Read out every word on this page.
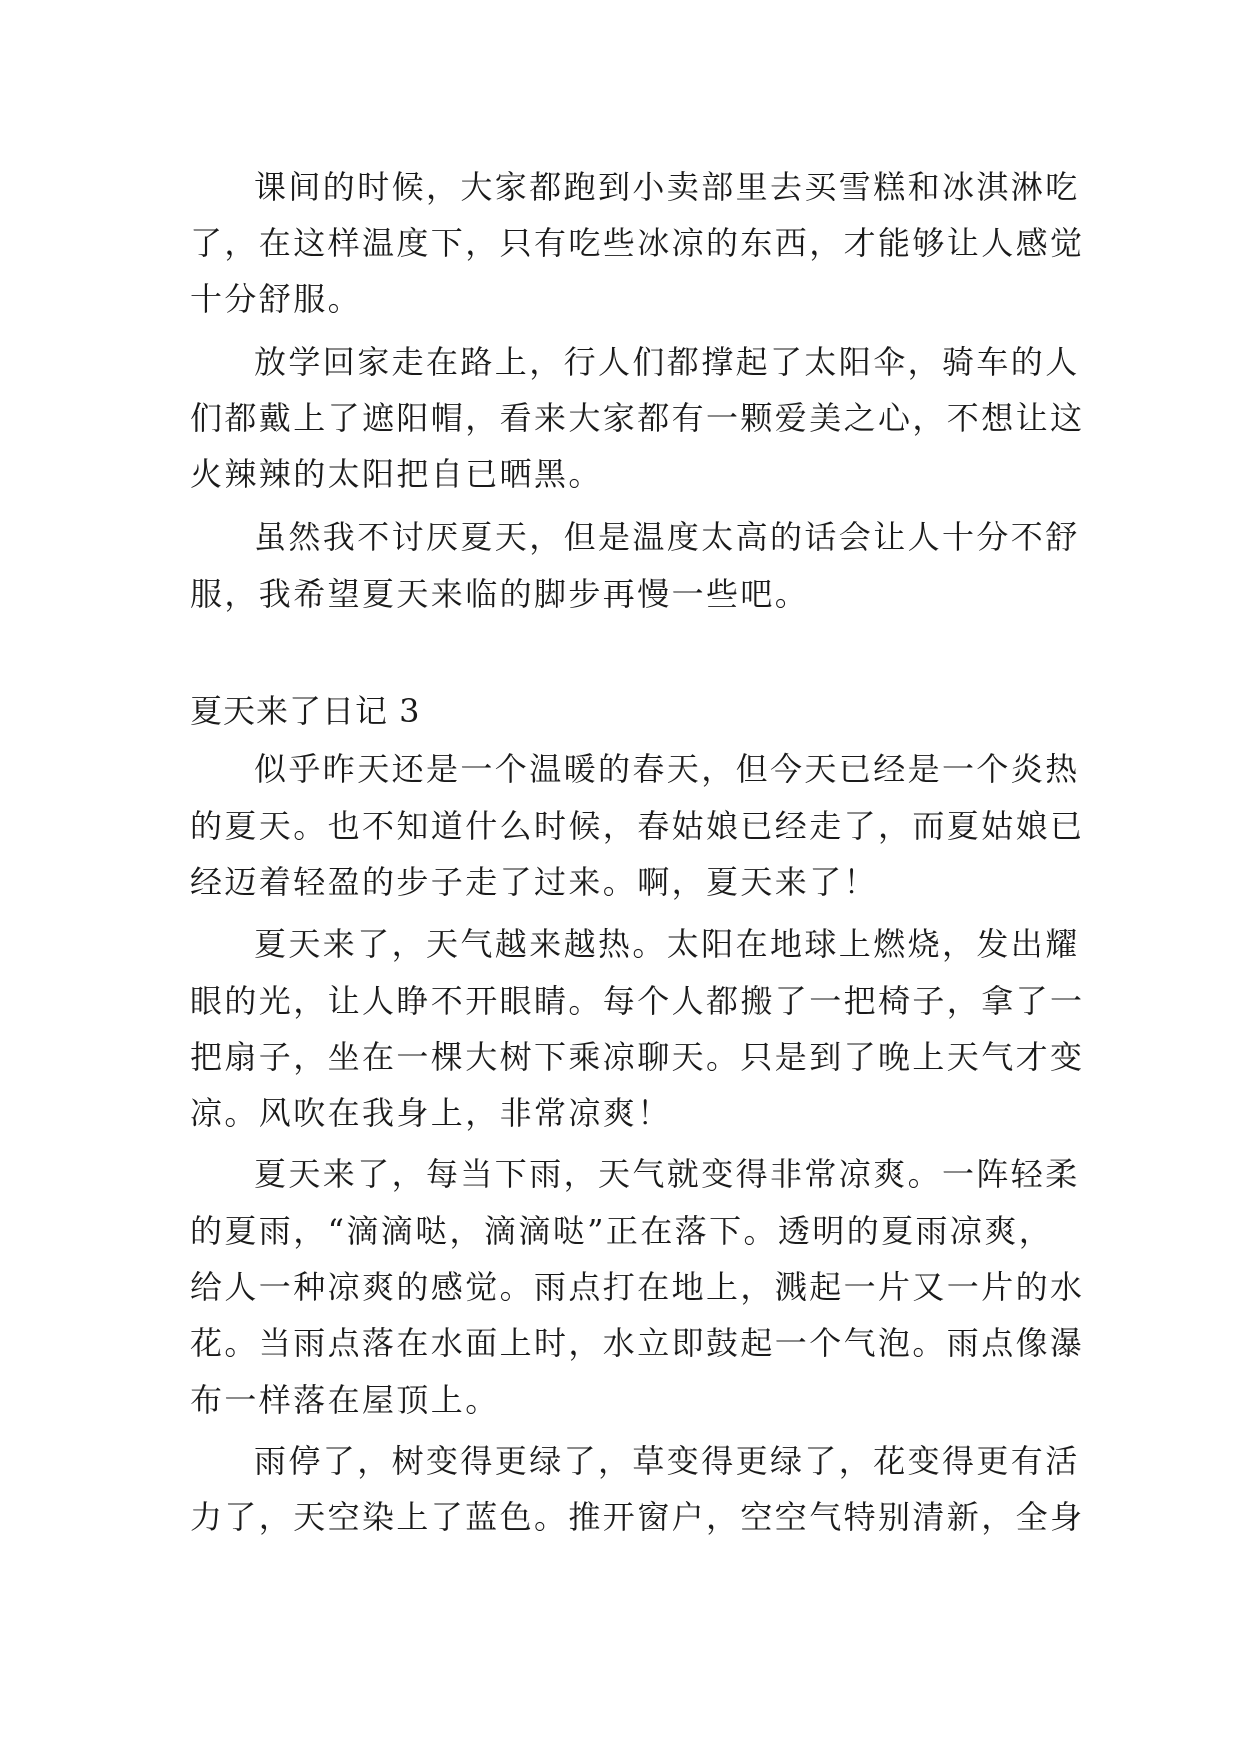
课间的时候，大家都跑到小卖部里去买雪糕和冰淇淋吃
了，在这样温度下，只有吃些冰凉的东西，才能够让人感觉
十分舒服。
放学回家走在路上，行人们都撑起了太阳伞，骑车的人
们都戴上了遮阳帽，看来大家都有一颗爱美之心，不想让这
火辣辣的太阳把自已晒黑。
虽然我不讨厌夏天，但是温度太高的话会让人十分不舒
服，我希望夏天来临的脚步再慢一些吧。
夏天来了日记 3
似乎昨天还是一个温暖的春天，但今天已经是一个炎热
的夏天。也不知道什么时候，春姑娘已经走了，而夏姑娘已
经迈着轻盈的步子走了过来。啊，夏天来了！
夏天来了，天气越来越热。太阳在地球上燃烧，发出耀
眼的光，让人睁不开眼睛。每个人都搬了一把椅子，拿了一
把扇子，坐在一棵大树下乘凉聊天。只是到了晚上天气才变
凉。风吹在我身上，非常凉爽！
夏天来了，每当下雨，天气就变得非常凉爽。一阵轻柔
的夏雨，“滴滴哒，滴滴哒”正在落下。透明的夏雨凉爽，
给人一种凉爽的感觉。雨点打在地上，溅起一片又一片的水
花。当雨点落在水面上时，水立即鼓起一个气泡。雨点像瀑
布一样落在屋顶上。
雨停了，树变得更绿了，草变得更绿了，花变得更有活
力了，天空染上了蓝色。推开窗户，空空气特别清新，全身
